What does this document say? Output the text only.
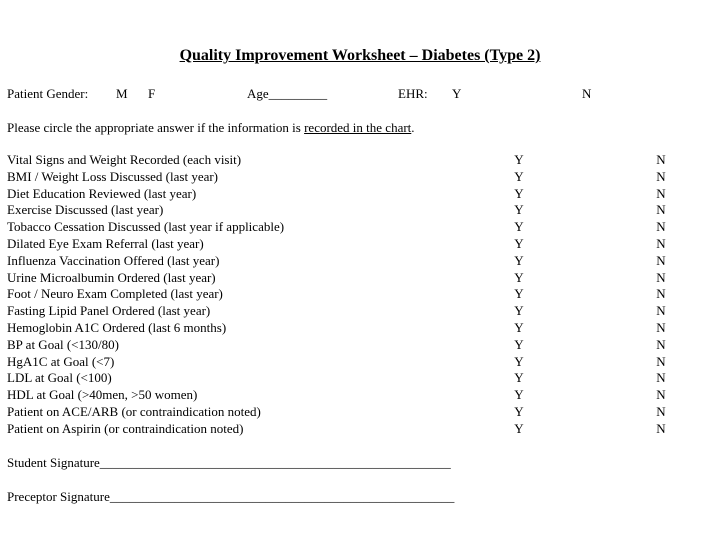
Quality Improvement Worksheet – Diabetes (Type 2)
Patient Gender: M F	Age_________	EHR: Y	N
Please circle the appropriate answer if the information is recorded in the chart.
Vital Signs and Weight Recorded (each visit)	Y	N
BMI / Weight Loss Discussed (last year)	Y	N
Diet Education Reviewed (last year)	Y	N
Exercise Discussed (last year)	Y	N
Tobacco Cessation Discussed (last year if applicable)	Y	N
Dilated Eye Exam Referral (last year)	Y	N
Influenza Vaccination Offered (last year)	Y	N
Urine Microalbumin Ordered (last year)	Y	N
Foot / Neuro Exam Completed (last year)	Y	N
Fasting Lipid Panel Ordered (last year)	Y	N
Hemoglobin A1C Ordered (last 6 months)	Y	N
BP at Goal (<130/80)	Y	N
HgA1C at Goal (<7)	Y	N
LDL at Goal (<100)	Y	N
HDL at Goal (>40men, >50 women)	Y	N
Patient on ACE/ARB (or contraindication noted)	Y	N
Patient on Aspirin (or contraindication noted)	Y	N
Student Signature______________________________________________________
Preceptor Signature_____________________________________________________
